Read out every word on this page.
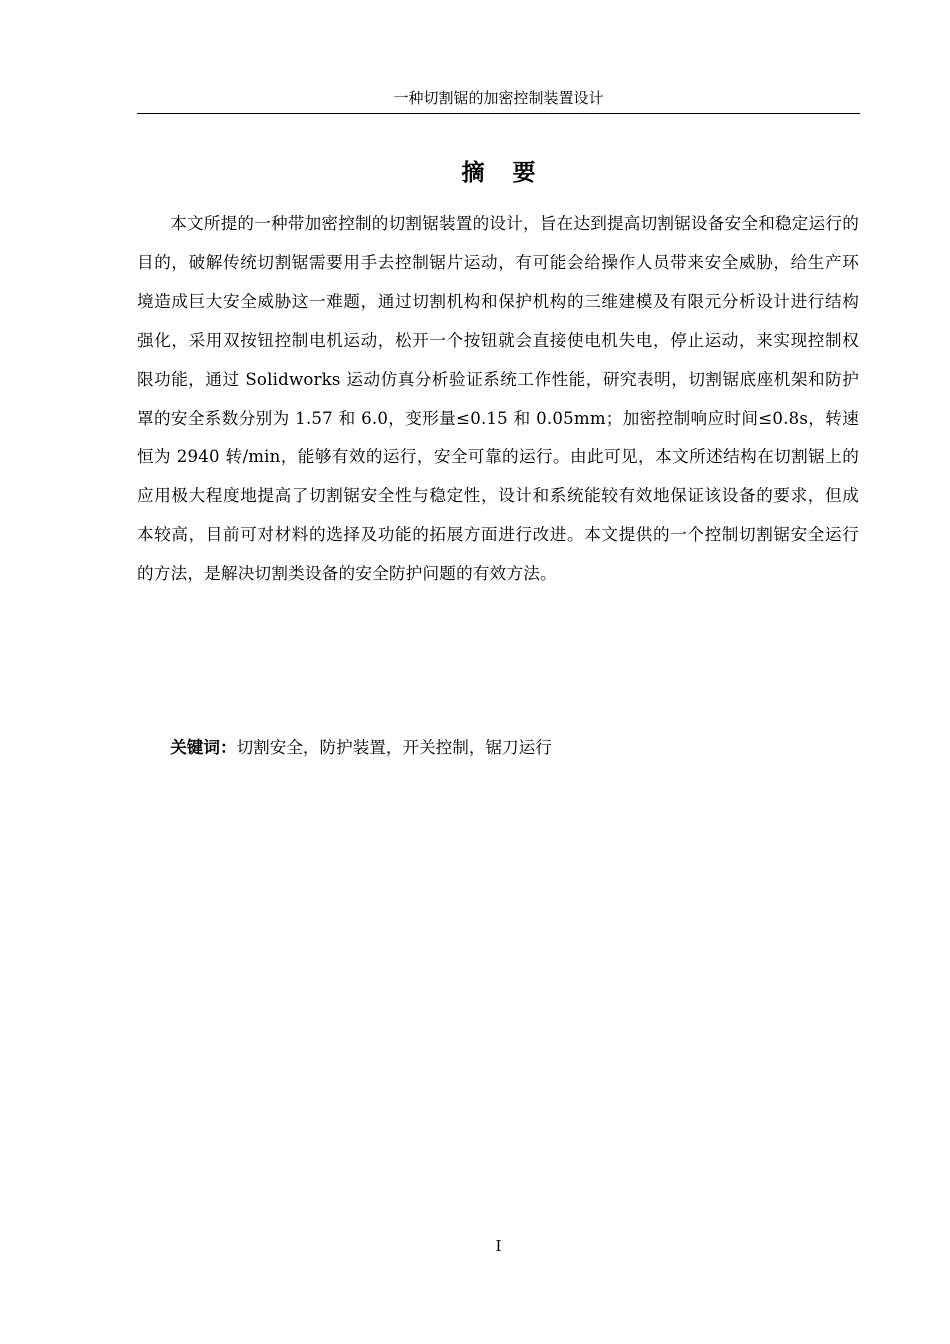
一种切割锯的加密控制装置设计
摘 要

本文所提的一种带加密控制的切割锯装置的设计，旨在达到提高切割锯设备安全和稳定运行的目的，破解传统切割锯需要用手去控制锯片运动，有可能会给操作人员带来安全威胁，给生产环境造成巨大安全威胁这一难题，通过切割机构和保护机构的三维建模及有限元分析设计进行结构强化，采用双按钮控制电机运动，松开一个按钮就会直接使电机失电，停止运动，来实现控制权限功能，通过 Solidworks 运动仿真分析验证系统工作性能，研究表明，切割锯底座机架和防护罩的安全系数分别为 1.57 和 6.0，变形量≤0.15 和 0.05mm；加密控制响应时间≤0.8s，转速恒为 2940 转/min，能够有效的运行，安全可靠的运行。由此可见，本文所述结构在切割锯上的应用极大程度地提高了切割锯安全性与稳定性，设计和系统能较有效地保证该设备的要求，但成本较高，目前可对材料的选择及功能的拓展方面进行改进。本文提供的一个控制切割锯安全运行的方法，是解决切割类设备的安全防护问题的有效方法。

关键词：切割安全，防护装置，开关控制，锯刀运行

I
